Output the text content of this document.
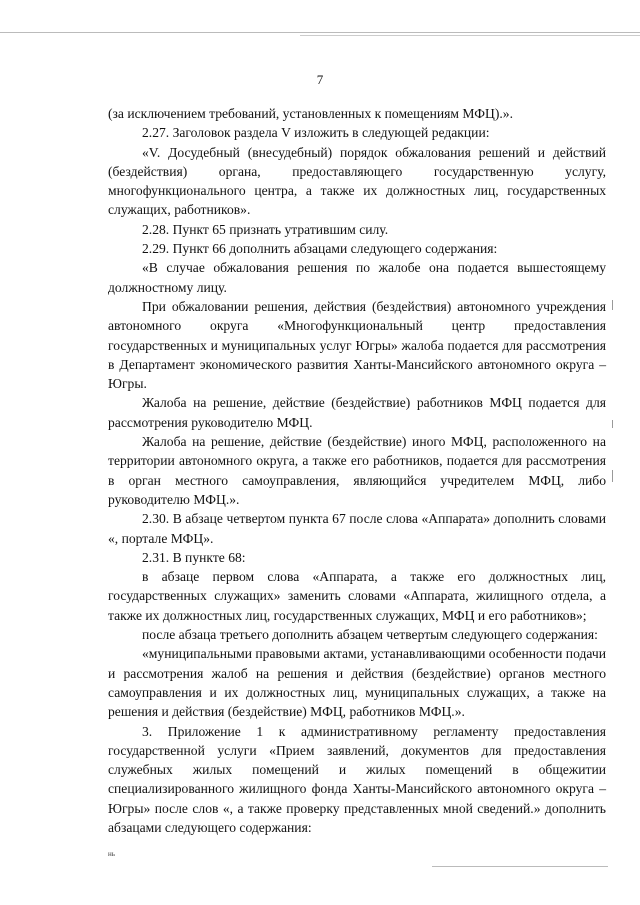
7

(за исключением требований, установленных к помещениям МФЦ).».

2.27. Заголовок раздела V изложить в следующей редакции:

«V. Досудебный (внесудебный) порядок обжалования решений и действий (бездействия) органа, предоставляющего государственную услугу, многофункционального центра, а также их должностных лиц, государственных служащих, работников».

2.28. Пункт 65 признать утратившим силу.

2.29. Пункт 66 дополнить абзацами следующего содержания:

«В случае обжалования решения по жалобе она подается вышестоящему должностному лицу.

При обжаловании решения, действия (бездействия) автономного учреждения автономного округа «Многофункциональный центр предоставления государственных и муниципальных услуг Югры» жалоба подается для рассмотрения в Департамент экономического развития Ханты-Мансийского автономного округа – Югры.

Жалоба на решение, действие (бездействие) работников МФЦ подается для рассмотрения руководителю МФЦ.

Жалоба на решение, действие (бездействие) иного МФЦ, расположенного на территории автономного округа, а также его работников, подается для рассмотрения в орган местного самоуправления, являющийся учредителем МФЦ, либо руководителю МФЦ.».

2.30. В абзаце четвертом пункта 67 после слова «Аппарата» дополнить словами «, портале МФЦ».

2.31. В пункте 68:

в абзаце первом слова «Аппарата, а также его должностных лиц, государственных служащих» заменить словами «Аппарата, жилищного отдела, а также их должностных лиц, государственных служащих, МФЦ и его работников»;

после абзаца третьего дополнить абзацем четвертым следующего содержания:

«муниципальными правовыми актами, устанавливающими особенности подачи и рассмотрения жалоб на решения и действия (бездействие) органов местного самоуправления и их должностных лиц, муниципальных служащих, а также на решения и действия (бездействие) МФЦ, работников МФЦ.».

3. Приложение 1 к административному регламенту предоставления государственной услуги «Прием заявлений, документов для предоставления служебных жилых помещений и жилых помещений в общежитии специализированного жилищного фонда Ханты-Мансийского автономного округа – Югры» после слов «, а также проверку представленных мной сведений.» дополнить абзацами следующего содержания:

нь
